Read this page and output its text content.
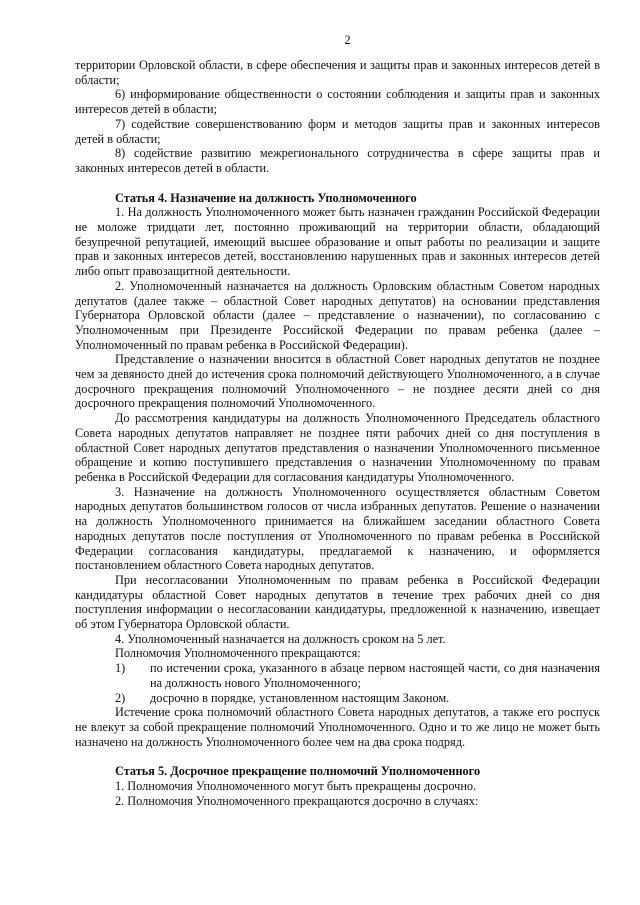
2

территории Орловской области, в сфере обеспечения и защиты прав и законных интересов детей в области;

6) информирование общественности о состоянии соблюдения и защиты прав и законных интересов детей в области;

7) содействие совершенствованию форм и методов защиты прав и законных интересов детей в области;

8) содействие развитию межрегионального сотрудничества в сфере защиты прав и законных интересов детей в области.

Статья 4. Назначение на должность Уполномоченного

1. На должность Уполномоченного может быть назначен гражданин Российской Федерации не моложе тридцати лет, постоянно проживающий на территории области, обладающий безупречной репутацией, имеющий высшее образование и опыт работы по реализации и защите прав и законных интересов детей, восстановлению нарушенных прав и законных интересов детей либо опыт правозащитной деятельности.

2. Уполномоченный назначается на должность Орловским областным Советом народных депутатов (далее также – областной Совет народных депутатов) на основании представления Губернатора Орловской области (далее – представление о назначении), по согласованию с Уполномоченным при Президенте Российской Федерации по правам ребенка (далее – Уполномоченный по правам ребенка в Российской Федерации).

Представление о назначении вносится в областной Совет народных депутатов не позднее чем за девяносто дней до истечения срока полномочий действующего Уполномоченного, а в случае досрочного прекращения полномочий Уполномоченного – не позднее десяти дней со дня досрочного прекращения полномочий Уполномоченного.

До рассмотрения кандидатуры на должность Уполномоченного Председатель областного Совета народных депутатов направляет не позднее пяти рабочих дней со дня поступления в областной Совет народных депутатов представления о назначении Уполномоченного письменное обращение и копию поступившего представления о назначении Уполномоченному по правам ребенка в Российской Федерации для согласования кандидатуры Уполномоченного.

3. Назначение на должность Уполномоченного осуществляется областным Советом народных депутатов большинством голосов от числа избранных депутатов. Решение о назначении на должность Уполномоченного принимается на ближайшем заседании областного Совета народных депутатов после поступления от Уполномоченного по правам ребенка в Российской Федерации согласования кандидатуры, предлагаемой к назначению, и оформляется постановлением областного Совета народных депутатов.

При несогласовании Уполномоченным по правам ребенка в Российской Федерации кандидатуры областной Совет народных депутатов в течение трех рабочих дней со дня поступления информации о несогласовании кандидатуры, предложенной к назначению, извещает об этом Губернатора Орловской области.

4. Уполномоченный назначается на должность сроком на 5 лет.

Полномочия Уполномоченного прекращаются:

1) по истечении срока, указанного в абзаце первом настоящей части, со дня назначения на должность нового Уполномоченного;

2) досрочно в порядке, установленном настоящим Законом.

Истечение срока полномочий областного Совета народных депутатов, а также его роспуск не влекут за собой прекращение полномочий Уполномоченного. Одно и то же лицо не может быть назначено на должность Уполномоченного более чем на два срока подряд.

Статья 5. Досрочное прекращение полномочий Уполномоченного

1. Полномочия Уполномоченного могут быть прекращены досрочно.

2. Полномочия Уполномоченного прекращаются досрочно в случаях:
